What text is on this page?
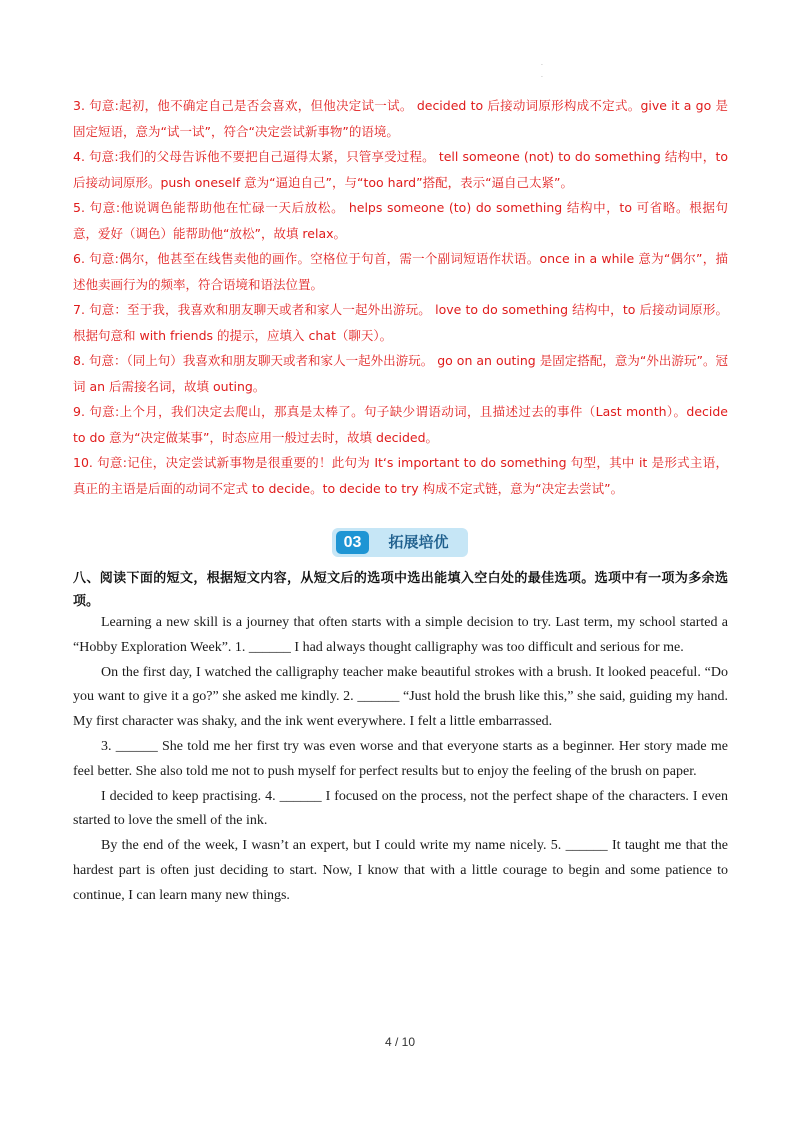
·
·

3. 句意:起初，他不确定自己是否会喜欢，但他决定试一试。 decided to 后接动词原形构成不定式。give it a go 是固定短语，意为“试一试”，符合“决定尝试新事物”的语境。

4. 句意:我们的父母告诉他不要把自己逼得太紧，只管享受过程。 tell someone (not) to do something 结构中，to 后接动词原形。push oneself 意为“逼迫自己”，与“too hard”搭配，表示“逼自己太紧”。

5. 句意:他说调色能帮助他在忙碌一天后放松。 helps someone (to) do something 结构中，to 可省略。根据句意，爱好（调色）能帮助他“放松”，故填 relax。

6. 句意:偶尔，他甚至在线售卖他的画作。空格位于句首，需一个副词短语作状语。once in a while 意为“偶尔”，描述他卖画行为的频率，符合语境和语法位置。

7. 句意：至于我，我喜欢和朋友聊天或者和家人一起外出游玩。 love to do something 结构中，to 后接动词原形。根据句意和 with friends 的提示，应填入 chat（聊天）。

8. 句意：（同上句）我喜欢和朋友聊天或者和家人一起外出游玩。 go on an outing 是固定搭配，意为“外出游玩”。冠词 an 后需接名词，故填 outing。

9. 句意:上个月，我们决定去爬山，那真是太棒了。句子缺少谓语动词，且描述过去的事件（Last month）。decide to do 意为“决定做某事”，时态应用一般过去时，故填 decided。

10. 句意:记住，决定尝试新事物是很重要的！此句为 It‘s important to do something 句型，其中 it 是形式主语，真正的主语是后面的动词不定式 to decide。to decide to try 构成不定式链，意为“决定去尝试”。

03	拓展培优

八、阅读下面的短文，根据短文内容，从短文后的选项中选出能填入空白处的最佳选项。选项中有一项为多余选项。

Learning a new skill is a journey that often starts with a simple decision to try. Last term, my school started a “Hobby Exploration Week”. 1. ______ I had always thought calligraphy was too difficult and serious for me.

On the first day, I watched the calligraphy teacher make beautiful strokes with a brush. It looked peaceful. “Do you want to give it a go?” she asked me kindly. 2. ______ “Just hold the brush like this,” she said, guiding my hand. My first character was shaky, and the ink went everywhere. I felt a little embarrassed.

3. ______ She told me her first try was even worse and that everyone starts as a beginner. Her story made me feel better. She also told me not to push myself for perfect results but to enjoy the feeling of the brush on paper.

I decided to keep practising. 4. ______ I focused on the process, not the perfect shape of the characters. I even started to love the smell of the ink.

By the end of the week, I wasn’t an expert, but I could write my name nicely. 5. ______ It taught me that the hardest part is often just deciding to start. Now, I know that with a little courage to begin and some patience to continue, I can learn many new things.

4 / 10
